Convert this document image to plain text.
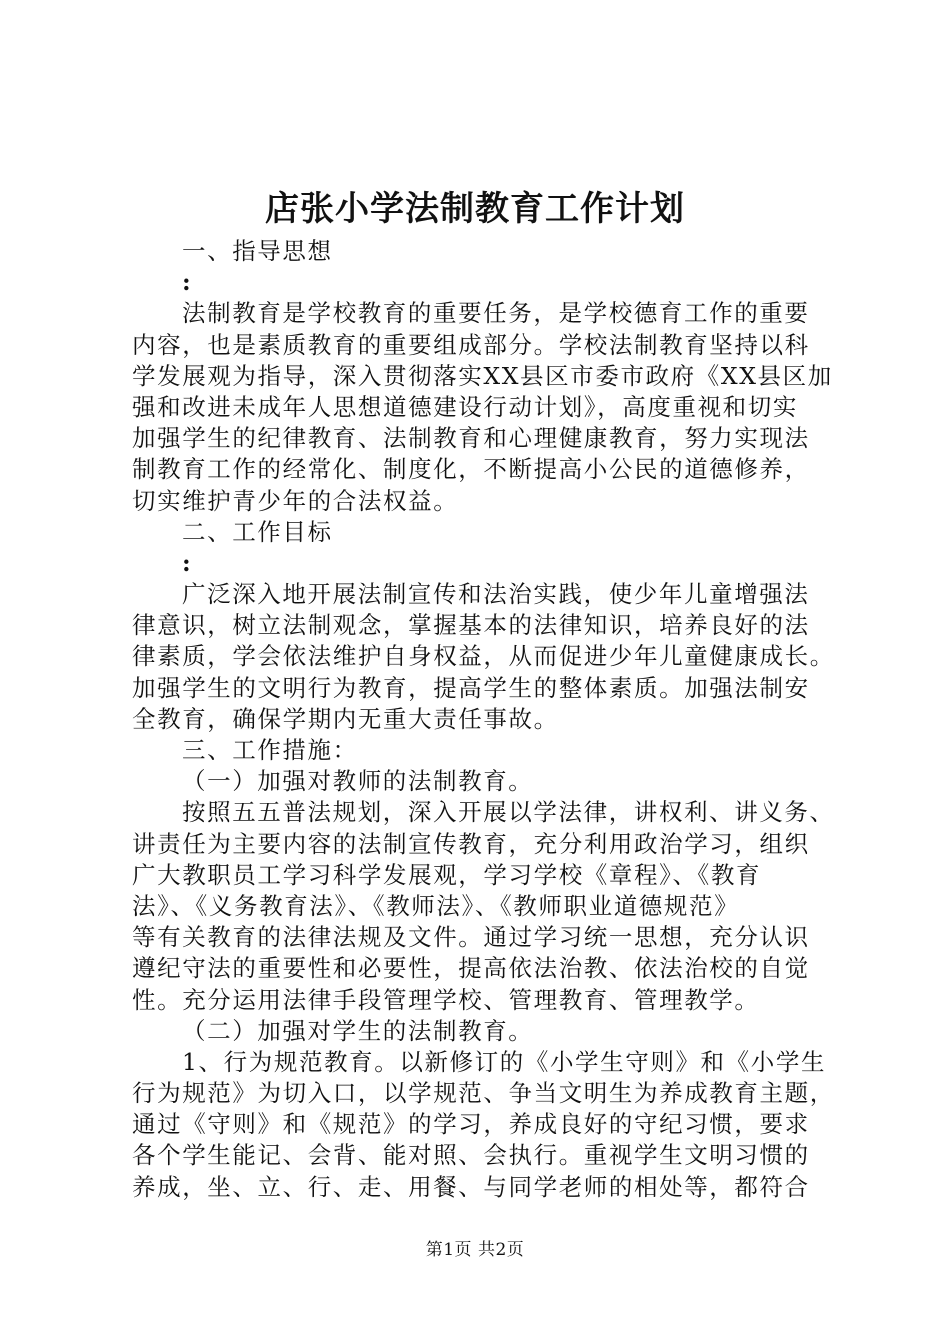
店张小学法制教育工作计划
一、指导思想
:
法制教育是学校教育的重要任务，是学校德育工作的重要
内容，也是素质教育的重要组成部分。学校法制教育坚持以科
学发展观为指导，深入贯彻落实XX县区市委市政府《XX县区加
强和改进未成年人思想道德建设行动计划》，高度重视和切实
加强学生的纪律教育、法制教育和心理健康教育，努力实现法
制教育工作的经常化、制度化，不断提高小公民的道德修养，
切实维护青少年的合法权益。
二、工作目标
:
广泛深入地开展法制宣传和法治实践，使少年儿童增强法
律意识，树立法制观念，掌握基本的法律知识，培养良好的法
律素质，学会依法维护自身权益，从而促进少年儿童健康成长。
加强学生的文明行为教育，提高学生的整体素质。加强法制安
全教育，确保学期内无重大责任事故。
三、工作措施：
（一）加强对教师的法制教育。
按照五五普法规划，深入开展以学法律，讲权利、讲义务、
讲责任为主要内容的法制宣传教育，充分利用政治学习，组织
广大教职员工学习科学发展观，学习学校《章程》、《教育
法》、《义务教育法》、《教师法》、《教师职业道德规范》
等有关教育的法律法规及文件。通过学习统一思想，充分认识
遵纪守法的重要性和必要性，提高依法治教、依法治校的自觉
性。充分运用法律手段管理学校、管理教育、管理教学。
（二）加强对学生的法制教育。
1、行为规范教育。以新修订的《小学生守则》和《小学生
行为规范》为切入口，以学规范、争当文明生为养成教育主题，
通过《守则》和《规范》的学习，养成良好的守纪习惯，要求
各个学生能记、会背、能对照、会执行。重视学生文明习惯的
养成，坐、立、行、走、用餐、与同学老师的相处等，都符合
第1页 共2页
